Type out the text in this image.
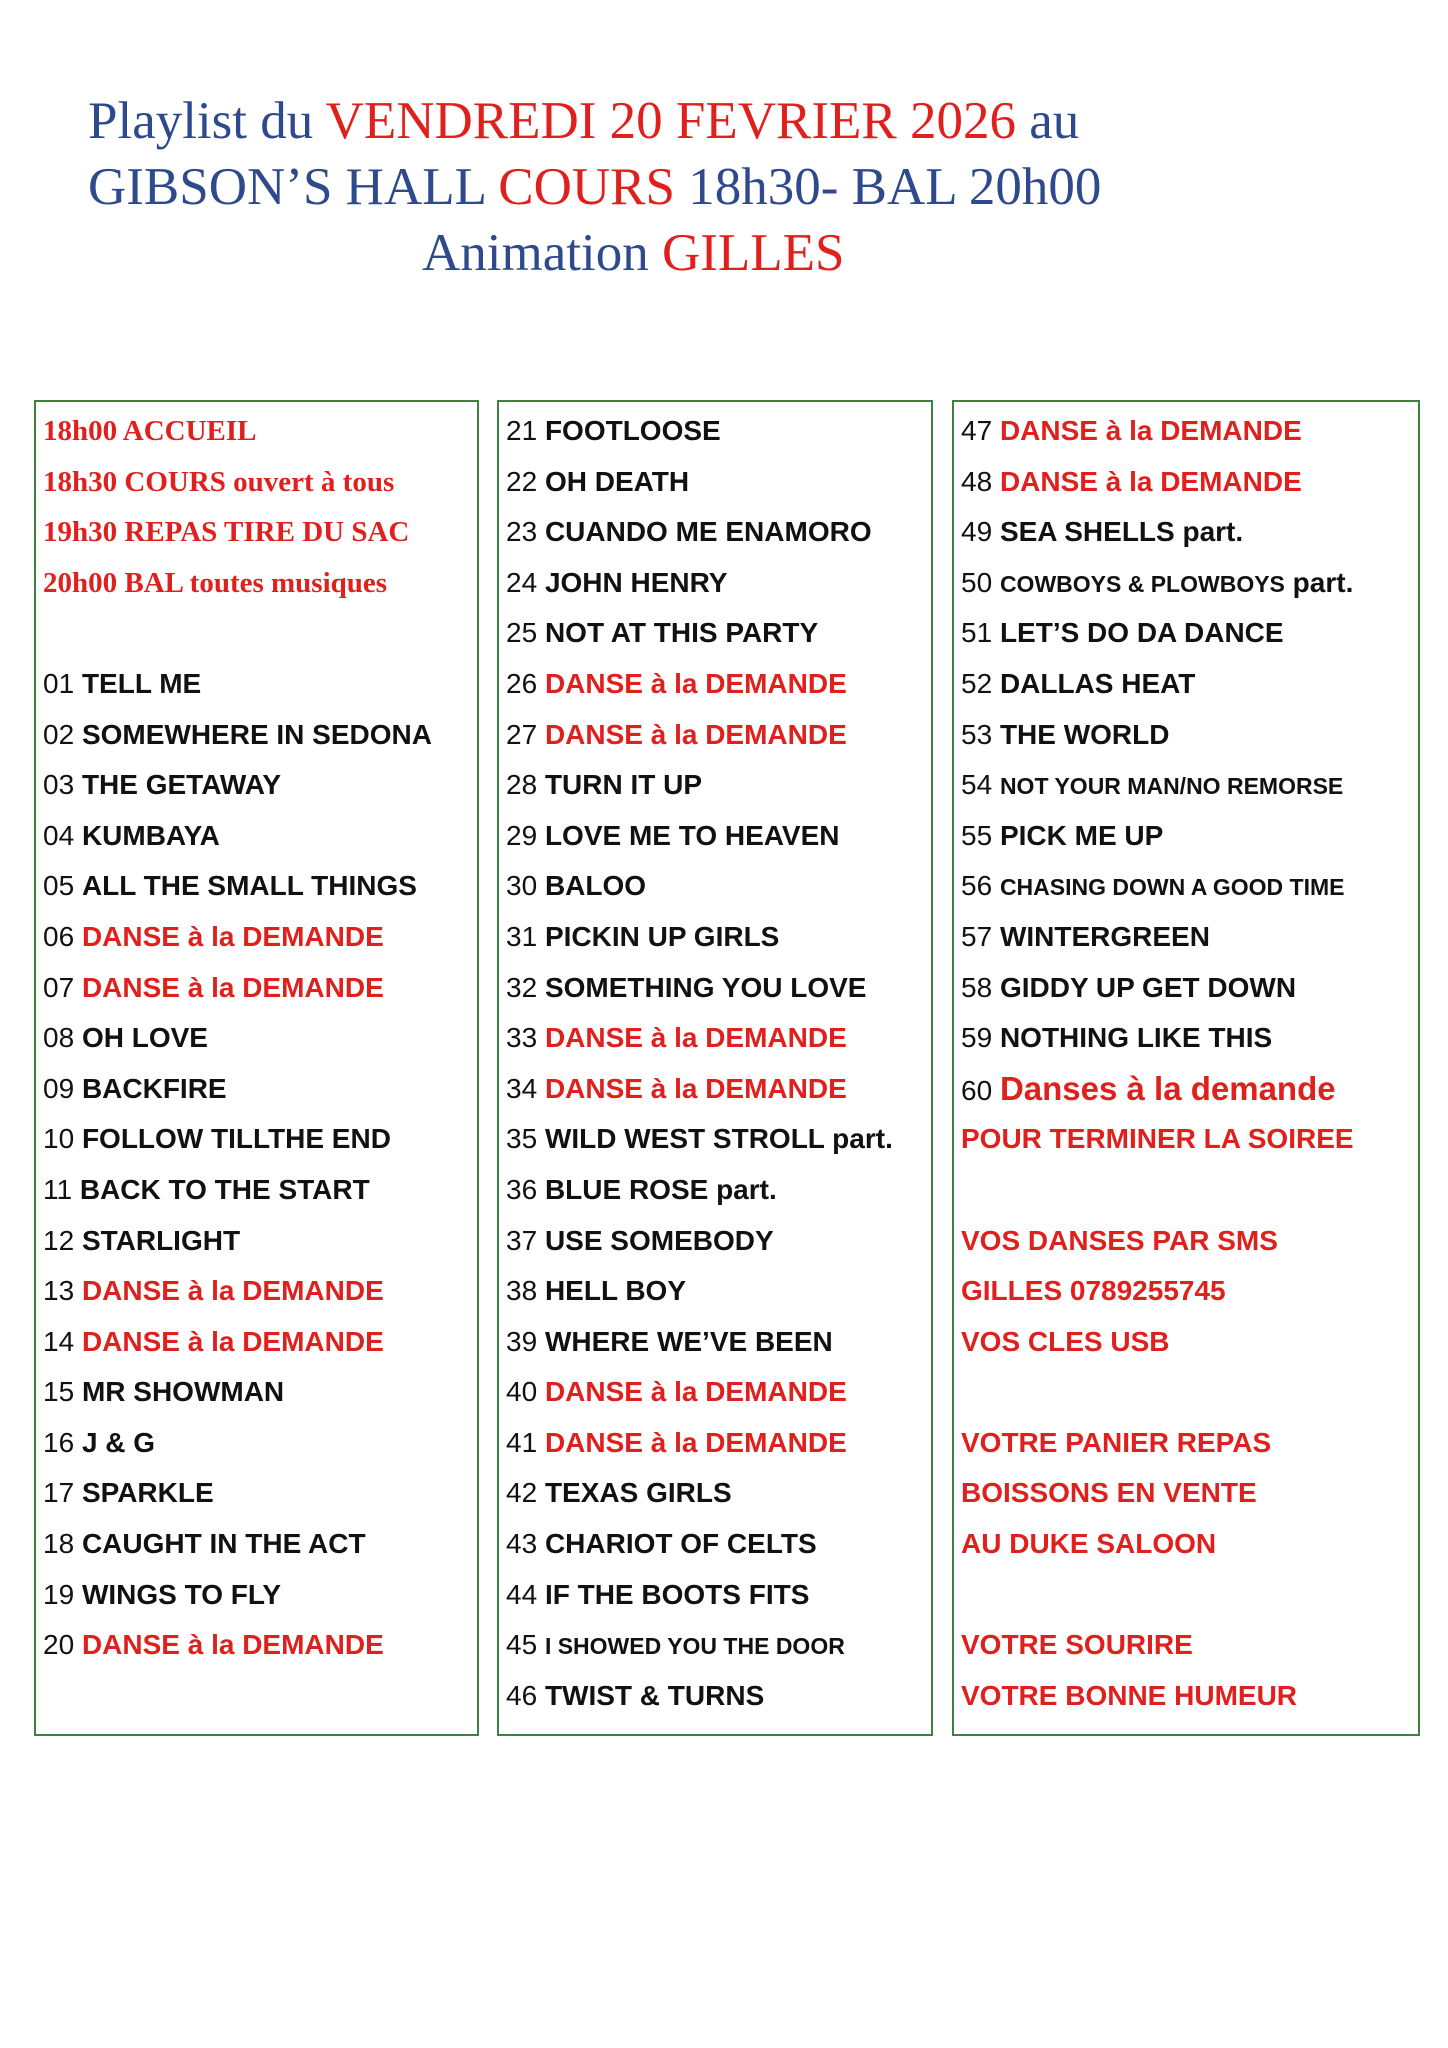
Playlist du VENDREDI 20 FEVRIER 2026 au
GIBSON’S HALL COURS 18h30- BAL 20h00
Animation GILLES
18h00 ACCUEIL
18h30 COURS ouvert à tous
19h30 REPAS TIRE DU SAC
20h00 BAL toutes musiques
01 TELL ME
02 SOMEWHERE IN SEDONA
03 THE GETAWAY
04 KUMBAYA
05 ALL THE SMALL THINGS
06 DANSE à la DEMANDE
07 DANSE à la DEMANDE
08 OH LOVE
09 BACKFIRE
10 FOLLOW TILLTHE END
11 BACK TO THE START
12 STARLIGHT
13 DANSE à la DEMANDE
14 DANSE à la DEMANDE
15 MR SHOWMAN
16 J & G
17 SPARKLE
18 CAUGHT IN THE ACT
19 WINGS TO FLY
20 DANSE à la DEMANDE
21 FOOTLOOSE
22 OH DEATH
23 CUANDO ME ENAMORO
24 JOHN HENRY
25 NOT AT THIS PARTY
26 DANSE à la DEMANDE
27 DANSE à la DEMANDE
28 TURN IT UP
29 LOVE ME TO HEAVEN
30 BALOO
31 PICKIN UP GIRLS
32 SOMETHING YOU LOVE
33 DANSE à la DEMANDE
34 DANSE à la DEMANDE
35 WILD WEST STROLL part.
36 BLUE ROSE part.
37 USE SOMEBODY
38 HELL BOY
39 WHERE WE’VE BEEN
40 DANSE à la DEMANDE
41 DANSE à la DEMANDE
42 TEXAS GIRLS
43 CHARIOT OF CELTS
44 IF THE BOOTS FITS
45 I SHOWED YOU THE DOOR
46 TWIST & TURNS
47 DANSE à la DEMANDE
48 DANSE à la DEMANDE
49 SEA SHELLS part.
50 COWBOYS & PLOWBOYS part.
51 LET’S DO DA DANCE
52 DALLAS HEAT
53 THE WORLD
54 NOT YOUR MAN/NO REMORSE
55 PICK ME UP
56 CHASING DOWN A GOOD TIME
57 WINTERGREEN
58 GIDDY UP GET DOWN
59 NOTHING LIKE THIS
60 Danses à la demande
POUR TERMINER LA SOIREE
VOS DANSES PAR SMS
GILLES 0789255745
VOS CLES USB
VOTRE PANIER REPAS
BOISSONS EN VENTE
AU DUKE SALOON
VOTRE SOURIRE
VOTRE BONNE HUMEUR
